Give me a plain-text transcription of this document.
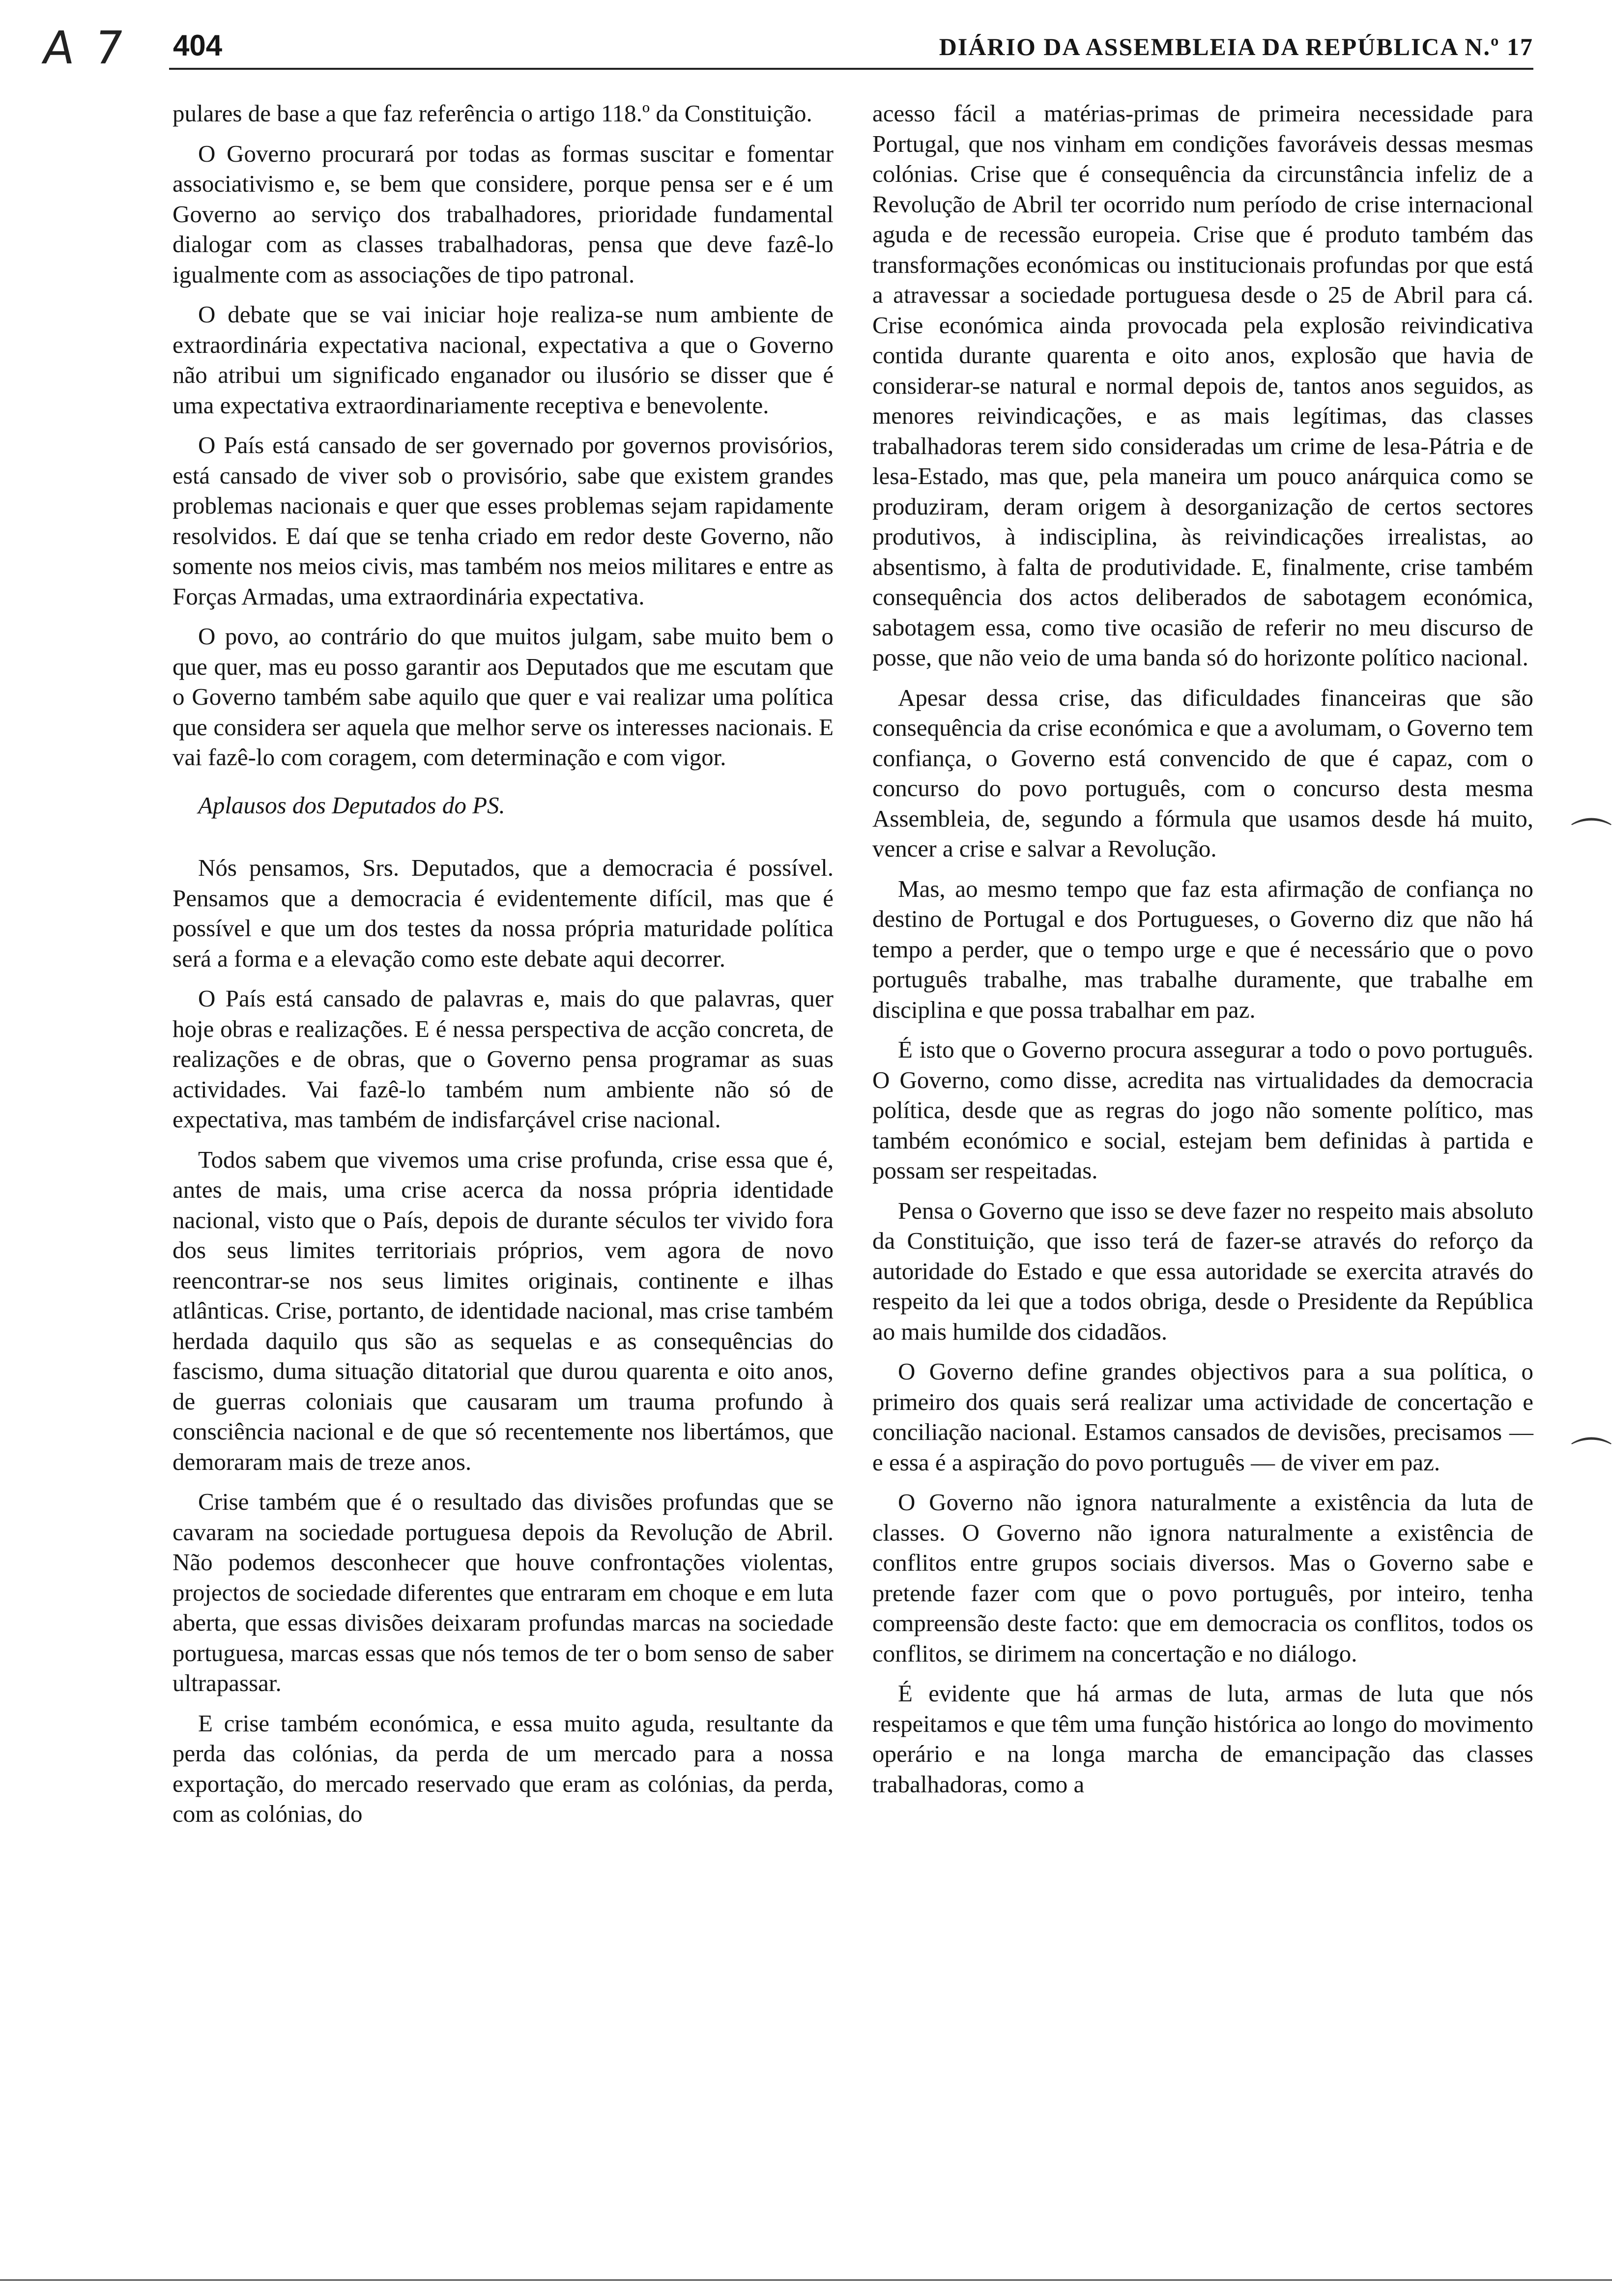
A 7 404	DIÁRIO DA ASSEMBLEIA DA REPÚBLICA N.º 17

pulares de base a que faz referência o artigo 118.º da Constituição.

O Governo procurará por todas as formas suscitar e fomentar associativismo e, se bem que considere, porque pensa ser e é um Governo ao serviço dos trabalhadores, prioridade fundamental dialogar com as classes trabalhadoras, pensa que deve fazê-lo igualmente com as associações de tipo patronal.

O debate que se vai iniciar hoje realiza-se num ambiente de extraordinária expectativa nacional, expectativa a que o Governo não atribui um significado enganador ou ilusório se disser que é uma expectativa extraordinariamente receptiva e benevolente.

O País está cansado de ser governado por governos provisórios, está cansado de viver sob o provisório, sabe que existem grandes problemas nacionais e quer que esses problemas sejam rapidamente resolvidos. E daí que se tenha criado em redor deste Governo, não somente nos meios civis, mas também nos meios militares e entre as Forças Armadas, uma extraordinária expectativa.

O povo, ao contrário do que muitos julgam, sabe muito bem o que quer, mas eu posso garantir aos Deputados que me escutam que o Governo também sabe aquilo que quer e vai realizar uma política que considera ser aquela que melhor serve os interesses nacionais. E vai fazê-lo com coragem, com determinação e com vigor.

Aplausos dos Deputados do PS.

Nós pensamos, Srs. Deputados, que a democracia é possível. Pensamos que a democracia é evidentemente difícil, mas que é possível e que um dos testes da nossa própria maturidade política será a forma e a elevação como este debate aqui decorrer.

O País está cansado de palavras e, mais do que palavras, quer hoje obras e realizações. E é nessa perspectiva de acção concreta, de realizações e de obras, que o Governo pensa programar as suas actividades. Vai fazê-lo também num ambiente não só de expectativa, mas também de indisfarçável crise nacional.

Todos sabem que vivemos uma crise profunda, crise essa que é, antes de mais, uma crise acerca da nossa própria identidade nacional, visto que o País, depois de durante séculos ter vivido fora dos seus limites territoriais próprios, vem agora de novo reencontrar-se nos seus limites originais, continente e ilhas atlânticas. Crise, portanto, de identidade nacional, mas crise também herdada daquilo qus são as sequelas e as consequências do fascismo, duma situação ditatorial que durou quarenta e oito anos, de guerras coloniais que causaram um trauma profundo à consciência nacional e de que só recentemente nos libertámos, que demoraram mais de treze anos.

Crise também que é o resultado das divisões profundas que se cavaram na sociedade portuguesa depois da Revolução de Abril. Não podemos desconhecer que houve confrontações violentas, projectos de sociedade diferentes que entraram em choque e em luta aberta, que essas divisões deixaram profundas marcas na sociedade portuguesa, marcas essas que nós temos de ter o bom senso de saber ultrapassar.

E crise também económica, e essa muito aguda, resultante da perda das colónias, da perda de um mercado para a nossa exportação, do mercado reservado que eram as colónias, da perda, com as colónias, do

acesso fácil a matérias-primas de primeira necessidade para Portugal, que nos vinham em condições favoráveis dessas mesmas colónias. Crise que é consequência da circunstância infeliz de a Revolução de Abril ter ocorrido num período de crise internacional aguda e de recessão europeia. Crise que é produto também das transformações económicas ou institucionais profundas por que está a atravessar a sociedade portuguesa desde o 25 de Abril para cá. Crise económica ainda provocada pela explosão reivindicativa contida durante quarenta e oito anos, explosão que havia de considerar-se natural e normal depois de, tantos anos seguidos, as menores reivindicações, e as mais legítimas, das classes trabalhadoras terem sido consideradas um crime de lesa-Pátria e de lesa-Estado, mas que, pela maneira um pouco anárquica como se produziram, deram origem à desorganização de certos sectores produtivos, à indisciplina, às reivindicações irrealistas, ao absentismo, à falta de produtividade. E, finalmente, crise também consequência dos actos deliberados de sabotagem económica, sabotagem essa, como tive ocasião de referir no meu discurso de posse, que não veio de uma banda só do horizonte político nacional.

Apesar dessa crise, das dificuldades financeiras que são consequência da crise económica e que a avolumam, o Governo tem confiança, o Governo está convencido de que é capaz, com o concurso do povo português, com o concurso desta mesma Assembleia, de, segundo a fórmula que usamos desde há muito, vencer a crise e salvar a Revolução.

Mas, ao mesmo tempo que faz esta afirmação de confiança no destino de Portugal e dos Portugueses, o Governo diz que não há tempo a perder, que o tempo urge e que é necessário que o povo português trabalhe, mas trabalhe duramente, que trabalhe em disciplina e que possa trabalhar em paz.

É isto que o Governo procura assegurar a todo o povo português. O Governo, como disse, acredita nas virtualidades da democracia política, desde que as regras do jogo não somente político, mas também económico e social, estejam bem definidas à partida e possam ser respeitadas.

Pensa o Governo que isso se deve fazer no respeito mais absoluto da Constituição, que isso terá de fazer-se através do reforço da autoridade do Estado e que essa autoridade se exercita através do respeito da lei que a todos obriga, desde o Presidente da República ao mais humilde dos cidadãos.

O Governo define grandes objectivos para a sua política, o primeiro dos quais será realizar uma actividade de concertação e conciliação nacional. Estamos cansados de devisões, precisamos — e essa é a aspiração do povo português — de viver em paz.

O Governo não ignora naturalmente a existência da luta de classes. O Governo não ignora naturalmente a existência de conflitos entre grupos sociais diversos. Mas o Governo sabe e pretende fazer com que o povo português, por inteiro, tenha compreensão deste facto: que em democracia os conflitos, todos os conflitos, se dirimem na concertação e no diálogo.

É evidente que há armas de luta, armas de luta que nós respeitamos e que têm uma função histórica ao longo do movimento operário e na longa marcha de emancipação das classes trabalhadoras, como a

⌒
⌒
